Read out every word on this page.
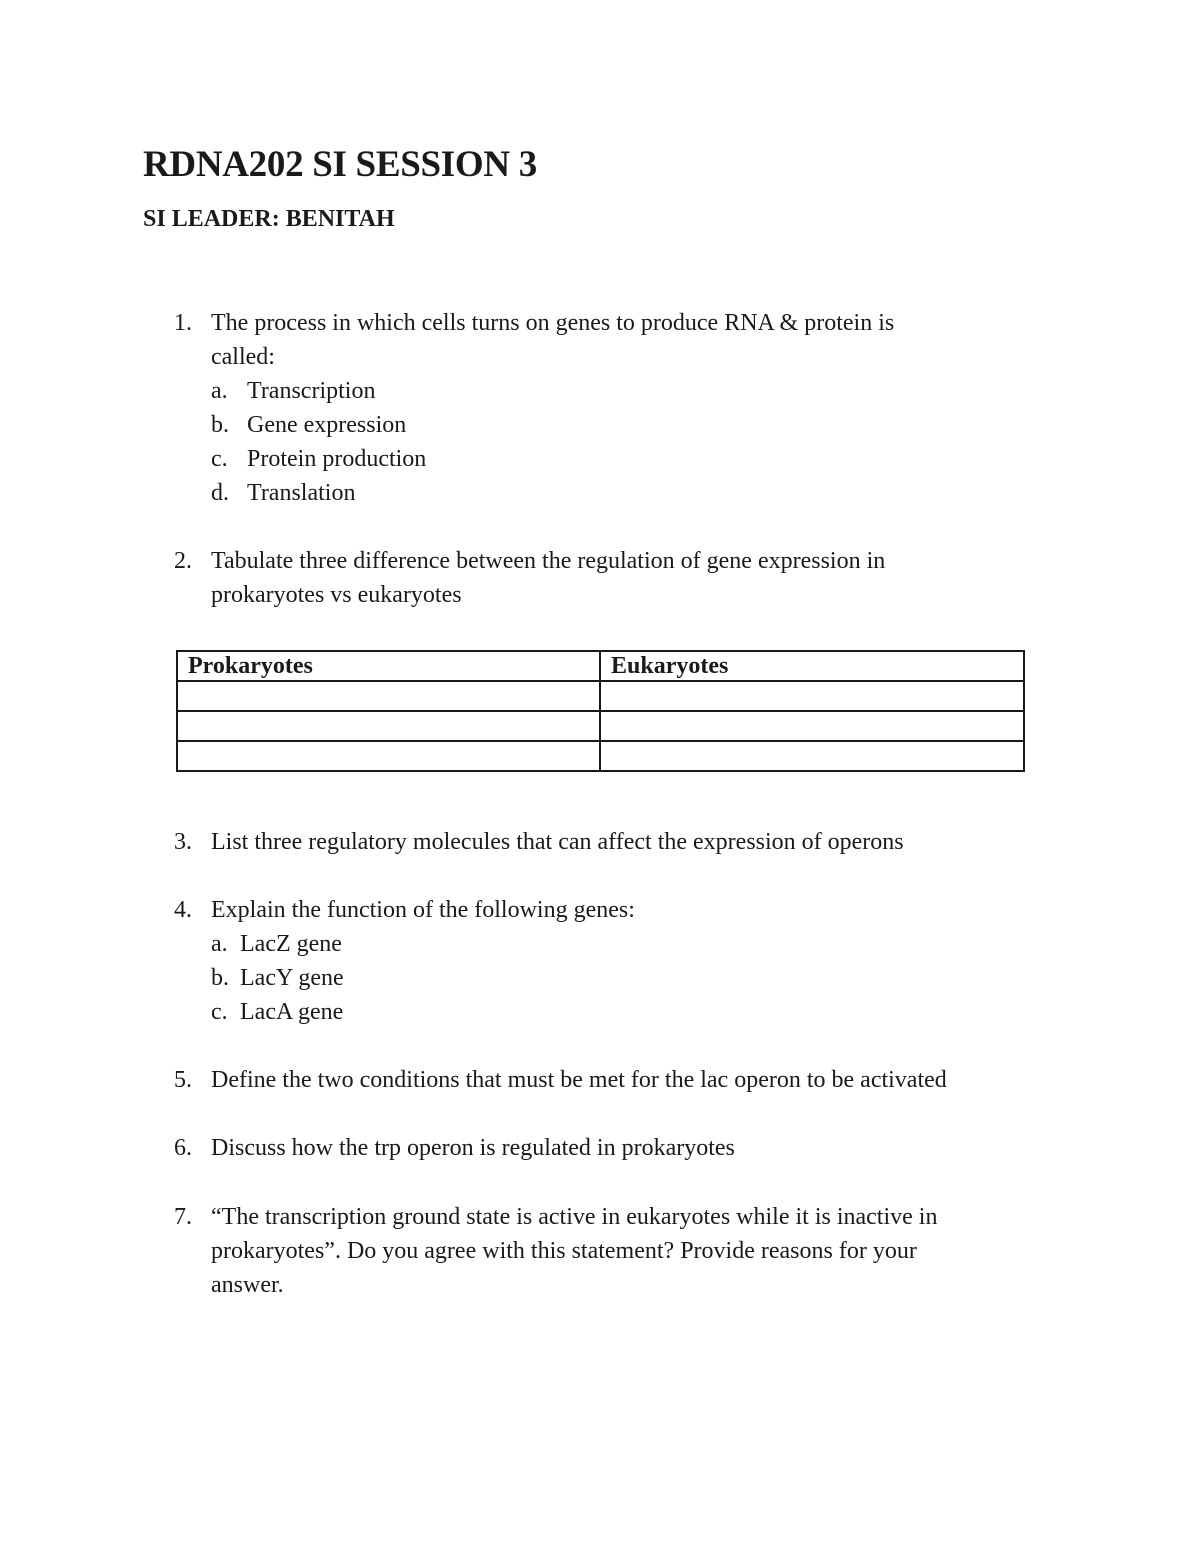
RDNA202 SI SESSION 3
SI LEADER: BENITAH
1. The process in which cells turns on genes to produce RNA & protein is
called:
a. Transcription
b. Gene expression
c. Protein production
d. Translation
2. Tabulate three difference between the regulation of gene expression in
prokaryotes vs eukaryotes
Prokaryotes	Eukaryotes

3. List three regulatory molecules that can affect the expression of operons
4. Explain the function of the following genes:
a. LacZ gene
b. LacY gene
c. LacA gene
5. Define the two conditions that must be met for the lac operon to be activated
6. Discuss how the trp operon is regulated in prokaryotes
7. “The transcription ground state is active in eukaryotes while it is inactive in
prokaryotes”. Do you agree with this statement? Provide reasons for your
answer.
